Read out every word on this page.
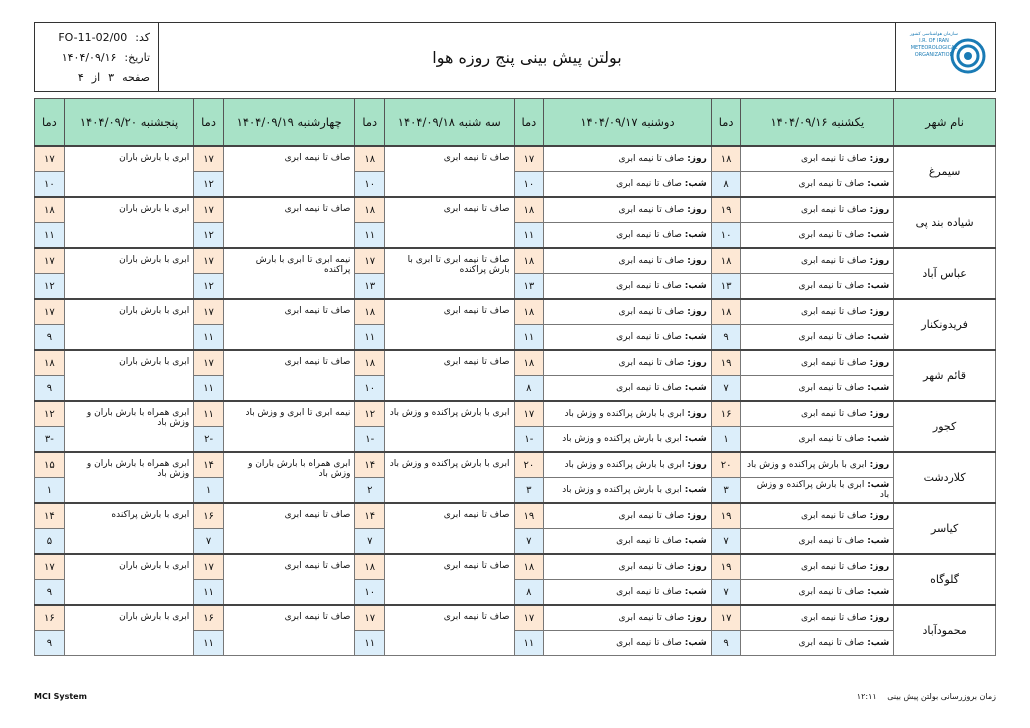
کد:
FO-11-02/00
تاریخ:
۱۴۰۴/۰۹/۱۶
صفحه
۳
از
۴
بولتن پیش بینی پنج روزه هوا
سازمان هواشناسی کشور
I.R. OF IRAN
METEOROLOGICAL
ORGANIZATION
نام شهر	یکشنبه ۱۴۰۴/۰۹/۱۶	دما	دوشنبه ۱۴۰۴/۰۹/۱۷	دما	سه شنبه ۱۴۰۴/۰۹/۱۸	دما	چهارشنبه ۱۴۰۴/۰۹/۱۹	دما	پنجشنبه ۱۴۰۴/۰۹/۲۰	دما
سیمرغ	روز: صاف تا نیمه ابری	۱۸	روز: صاف تا نیمه ابری	۱۷	صاف تا نیمه ابری	۱۸	صاف تا نیمه ابری	۱۷	ابری با بارش باران	۱۷
	شب: صاف تا نیمه ابری	۸	شب: صاف تا نیمه ابری	۱۰		۱۰		۱۲		۱۰
شیاده بند پی	روز: صاف تا نیمه ابری	۱۹	روز: صاف تا نیمه ابری	۱۸	صاف تا نیمه ابری	۱۸	صاف تا نیمه ابری	۱۷	ابری با بارش باران	۱۸
	شب: صاف تا نیمه ابری	۱۰	شب: صاف تا نیمه ابری	۱۱		۱۱		۱۲		۱۱
عباس آباد	روز: صاف تا نیمه ابری	۱۸	روز: صاف تا نیمه ابری	۱۸	صاف تا نیمه ابری تا ابری با بارش پراکنده	۱۷	نیمه ابری تا ابری با بارش پراکنده	۱۷	ابری با بارش باران	۱۷
	شب: صاف تا نیمه ابری	۱۳	شب: صاف تا نیمه ابری	۱۳		۱۳		۱۲		۱۲
فریدونکنار	روز: صاف تا نیمه ابری	۱۸	روز: صاف تا نیمه ابری	۱۸	صاف تا نیمه ابری	۱۸	صاف تا نیمه ابری	۱۷	ابری با بارش باران	۱۷
	شب: صاف تا نیمه ابری	۹	شب: صاف تا نیمه ابری	۱۱		۱۱		۱۱		۹
قائم شهر	روز: صاف تا نیمه ابری	۱۹	روز: صاف تا نیمه ابری	۱۸	صاف تا نیمه ابری	۱۸	صاف تا نیمه ابری	۱۷	ابری با بارش باران	۱۸
	شب: صاف تا نیمه ابری	۷	شب: صاف تا نیمه ابری	۸		۱۰		۱۱		۹
کجور	روز: صاف تا نیمه ابری	۱۶	روز: ابری با بارش پراکنده و وزش باد	۱۷	ابری با بارش پراکنده و وزش باد	۱۲	نیمه ابری تا ابری و وزش باد	۱۱	ابری همراه با بارش باران و وزش باد	۱۲
	شب: صاف تا نیمه ابری	۱	شب: ابری با بارش پراکنده و وزش باد	-۱		-۱		-۲		-۳
کلاردشت	روز: ابری با بارش پراکنده و وزش باد	۲۰	روز: ابری با بارش پراکنده و وزش باد	۲۰	ابری با بارش پراکنده و وزش باد	۱۴	ابری همراه با بارش باران و وزش باد	۱۴	ابری همراه با بارش باران و وزش باد	۱۵
	شب: ابری با بارش پراکنده و وزش باد	۳	شب: ابری با بارش پراکنده و وزش باد	۳		۲		۱		۱
کیاسر	روز: صاف تا نیمه ابری	۱۹	روز: صاف تا نیمه ابری	۱۹	صاف تا نیمه ابری	۱۴	صاف تا نیمه ابری	۱۶	ابری با بارش پراکنده	۱۴
	شب: صاف تا نیمه ابری	۷	شب: صاف تا نیمه ابری	۷		۷		۷		۵
گلوگاه	روز: صاف تا نیمه ابری	۱۹	روز: صاف تا نیمه ابری	۱۸	صاف تا نیمه ابری	۱۸	صاف تا نیمه ابری	۱۷	ابری با بارش باران	۱۷
	شب: صاف تا نیمه ابری	۷	شب: صاف تا نیمه ابری	۸		۱۰		۱۱		۹
محمودآباد	روز: صاف تا نیمه ابری	۱۷	روز: صاف تا نیمه ابری	۱۷	صاف تا نیمه ابری	۱۷	صاف تا نیمه ابری	۱۶	ابری با بارش باران	۱۶
	شب: صاف تا نیمه ابری	۹	شب: صاف تا نیمه ابری	۱۱		۱۱		۱۱		۹
MCI System	زمان بروزرسانی بولتن پیش بینی ۱۲:۱۱
